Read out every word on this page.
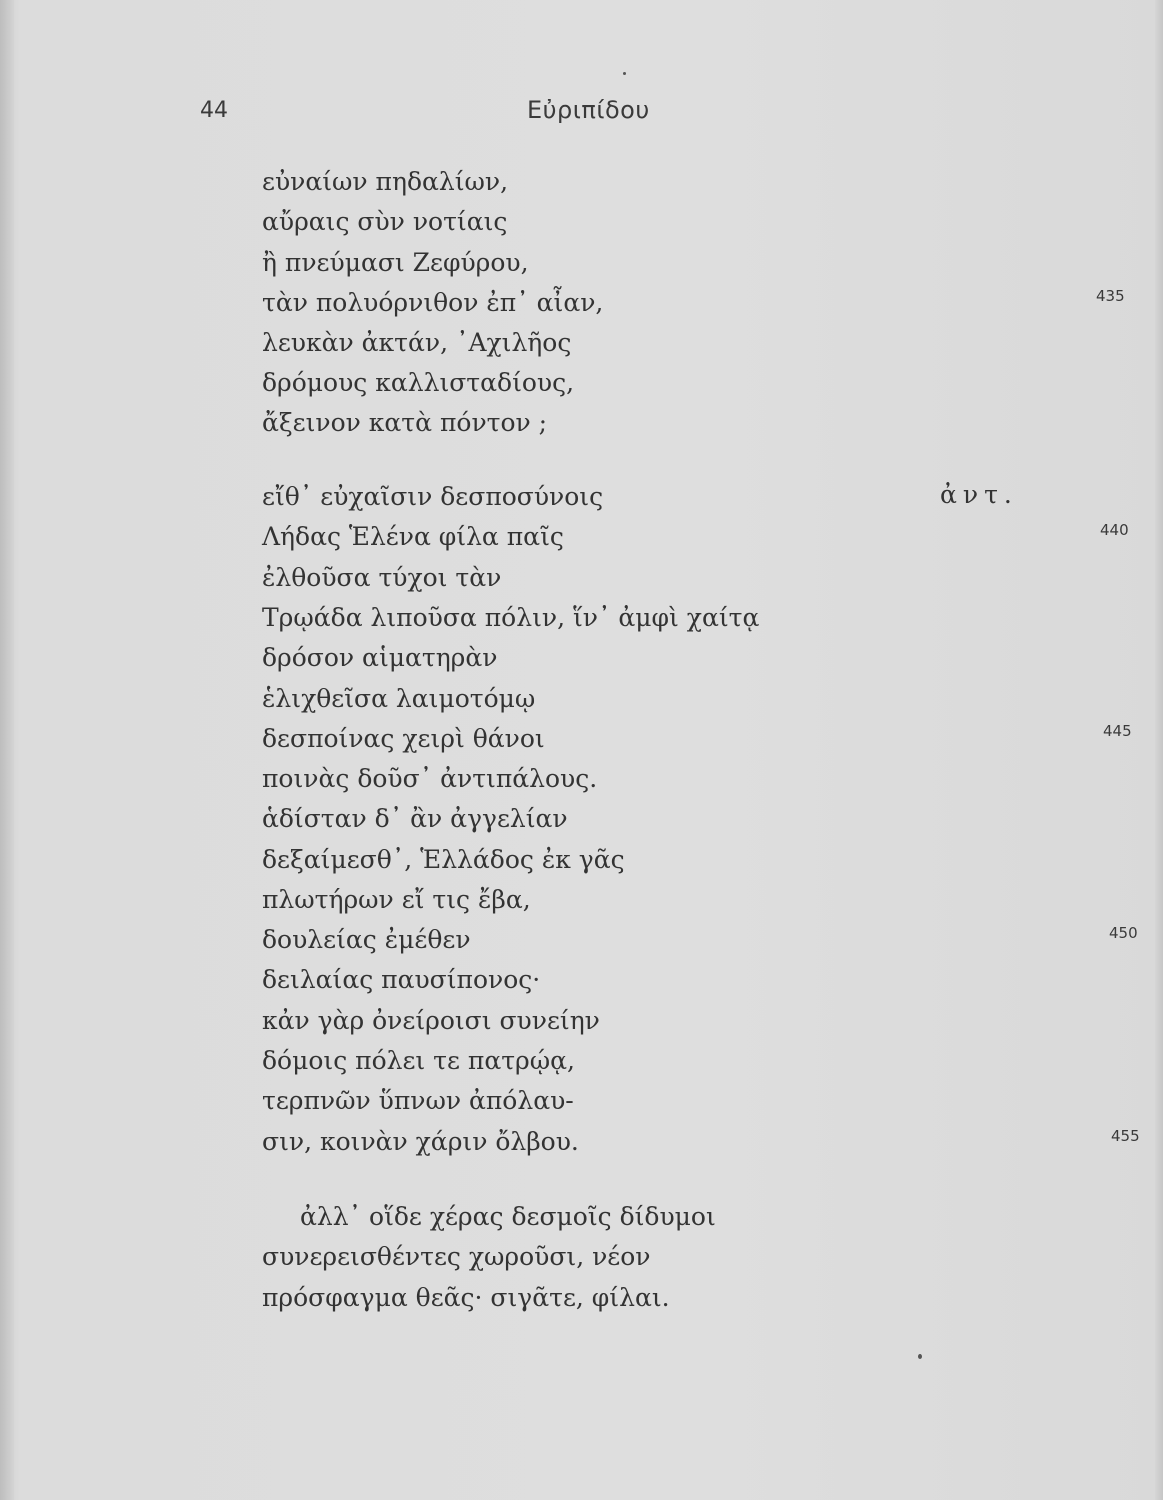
44	Εὐριπίδου
εὐναίων πηδαλίων,
αὔραις σὺν νοτίαις
ἢ πνεύμασι Ζεφύρου,
τὰν πολυόρνιθον ἐπ᾽ αἶαν,
λευκὰν ἀκτάν, ᾽Αχιλῆος
δρόμους καλλισταδίους,
ἄξεινον κατὰ πόντον ;
ἀντ.
εἴθ᾽ εὐχαῖσιν δεσποσύνοις
Λήδας Ἑλένα φίλα παῖς
ἐλθοῦσα τύχοι τὰν
Τρῳάδα λιποῦσα πόλιν, ἵν᾽ ἀμφὶ χαίτᾳ
δρόσον αἱματηρὰν
ἑλιχθεῖσα λαιμοτόμῳ
δεσποίνας χειρὶ θάνοι
ποινὰς δοῦσ᾽ ἀντιπάλους.
ἁδίσταν δ᾽ ἂν ἀγγελίαν
δεξαίμεσθ᾽, Ἑλλάδος ἐκ γᾶς
πλωτήρων εἴ τις ἔβα,
δουλείας ἐμέθεν
δειλαίας παυσίπονος·
κἀν γὰρ ὀνείροισι συνείην
δόμοις πόλει τε πατρῴᾳ,
τερπνῶν ὕπνων ἀπόλαυ-
σιν, κοινὰν χάριν ὄλβου.
ἀλλ᾽ οἵδε χέρας δεσμοῖς δίδυμοι
συνερεισθέντες χωροῦσι, νέον
πρόσφαγμα θεᾶς· σιγᾶτε, φίλαι.
435
440
445
450
455
